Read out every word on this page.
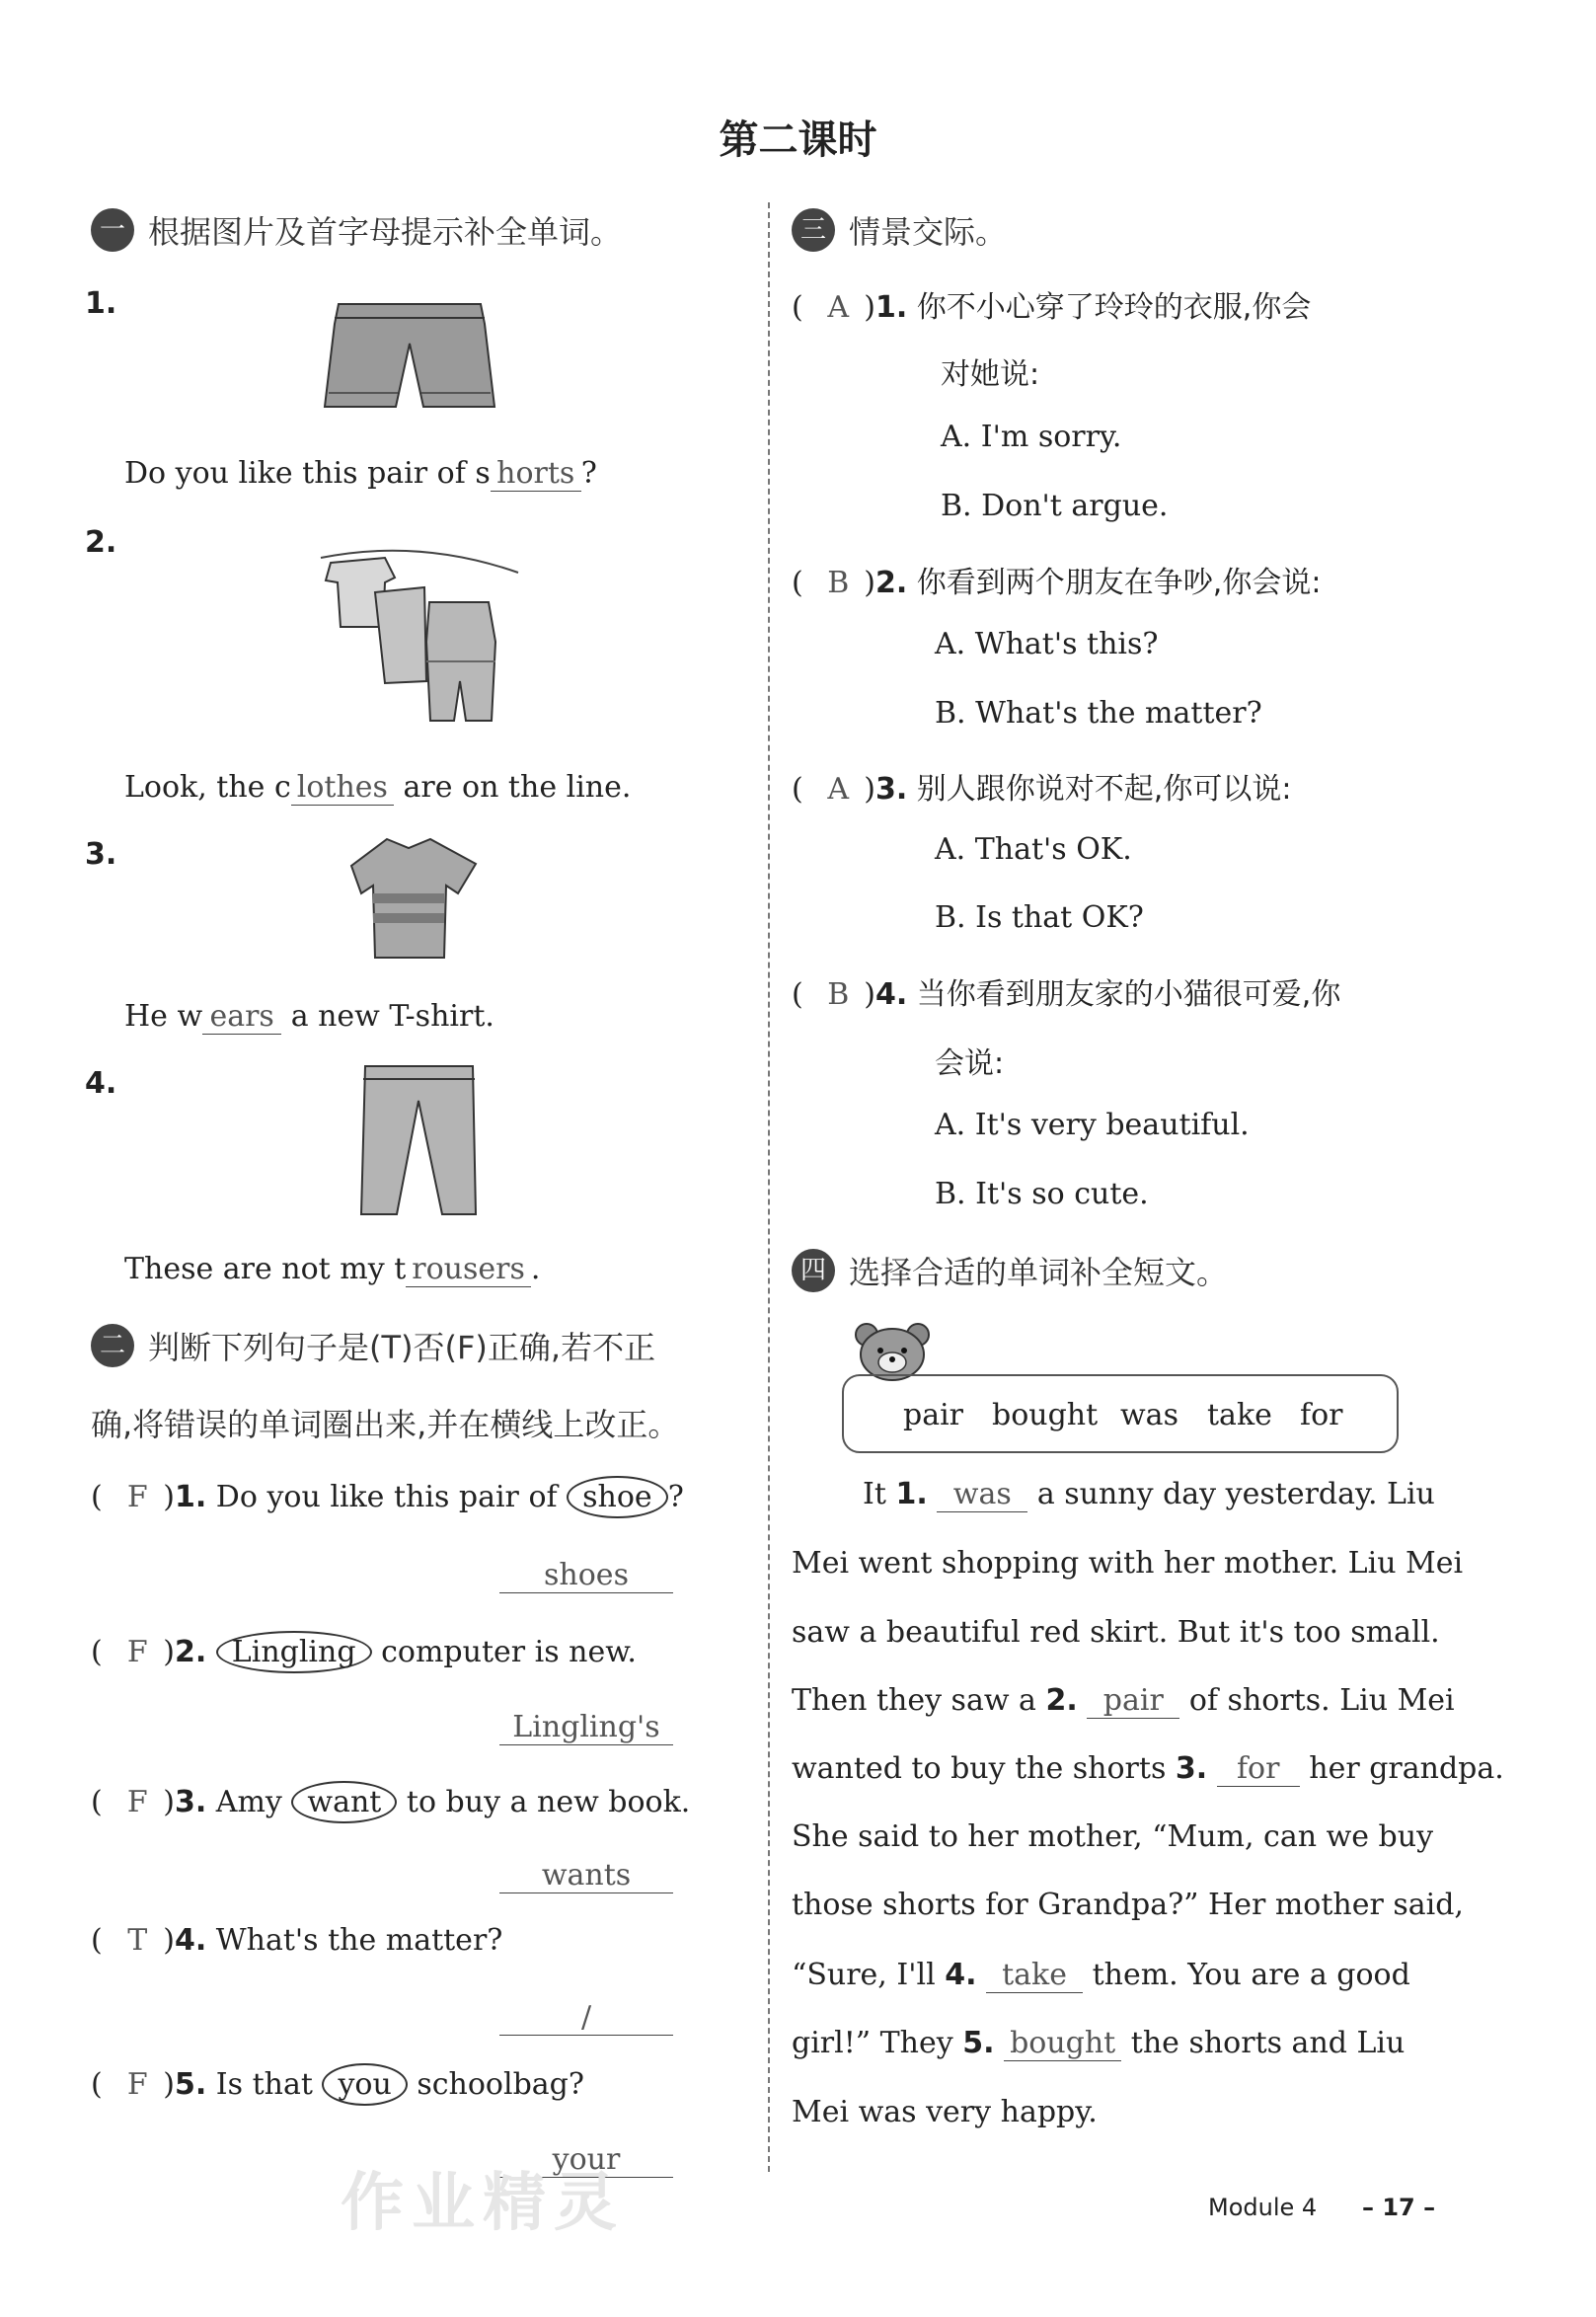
第二课时
一 根据图片及首字母提示补全单词。
1.
Do you like this pair of s horts ?
2.
Look, the c lothes are on the line.
3.
He w ears a new T-shirt.
4.
These are not my t rousers .
二 判断下列句子是(T)否(F)正确,若不正
确,将错误的单词圈出来,并在横线上改正。
( F )1. Do you like this pair of shoe ?
shoes
( F )2. Lingling computer is new.
Lingling's
( F )3. Amy want to buy a new book.
wants
( T )4. What's the matter?
/
( F )5. Is that you schoolbag?
your
三 情景交际。
( A )1. 你不小心穿了玲玲的衣服,你会
对她说:
A. I'm sorry.
B. Don't argue.
( B )2. 你看到两个朋友在争吵,你会说:
A. What's this?
B. What's the matter?
( A )3. 别人跟你说对不起,你可以说:
A. That's OK.
B. Is that OK?
( B )4. 当你看到朋友家的小猫很可爱,你
会说:
A. It's very beautiful.
B. It's so cute.
四 选择合适的单词补全短文。
pair bought was take for
It 1. was a sunny day yesterday. Liu
Mei went shopping with her mother. Liu Mei
saw a beautiful red skirt. But it's too small.
Then they saw a 2. pair of shorts. Liu Mei
wanted to buy the shorts 3. for her grandpa.
She said to her mother, “Mum, can we buy
those shorts for Grandpa?” Her mother said,
“Sure, I'll 4. take them. You are a good
girl!” They 5. bought the shorts and Liu
Mei was very happy.
作业精灵	Module 4 – 17 –
